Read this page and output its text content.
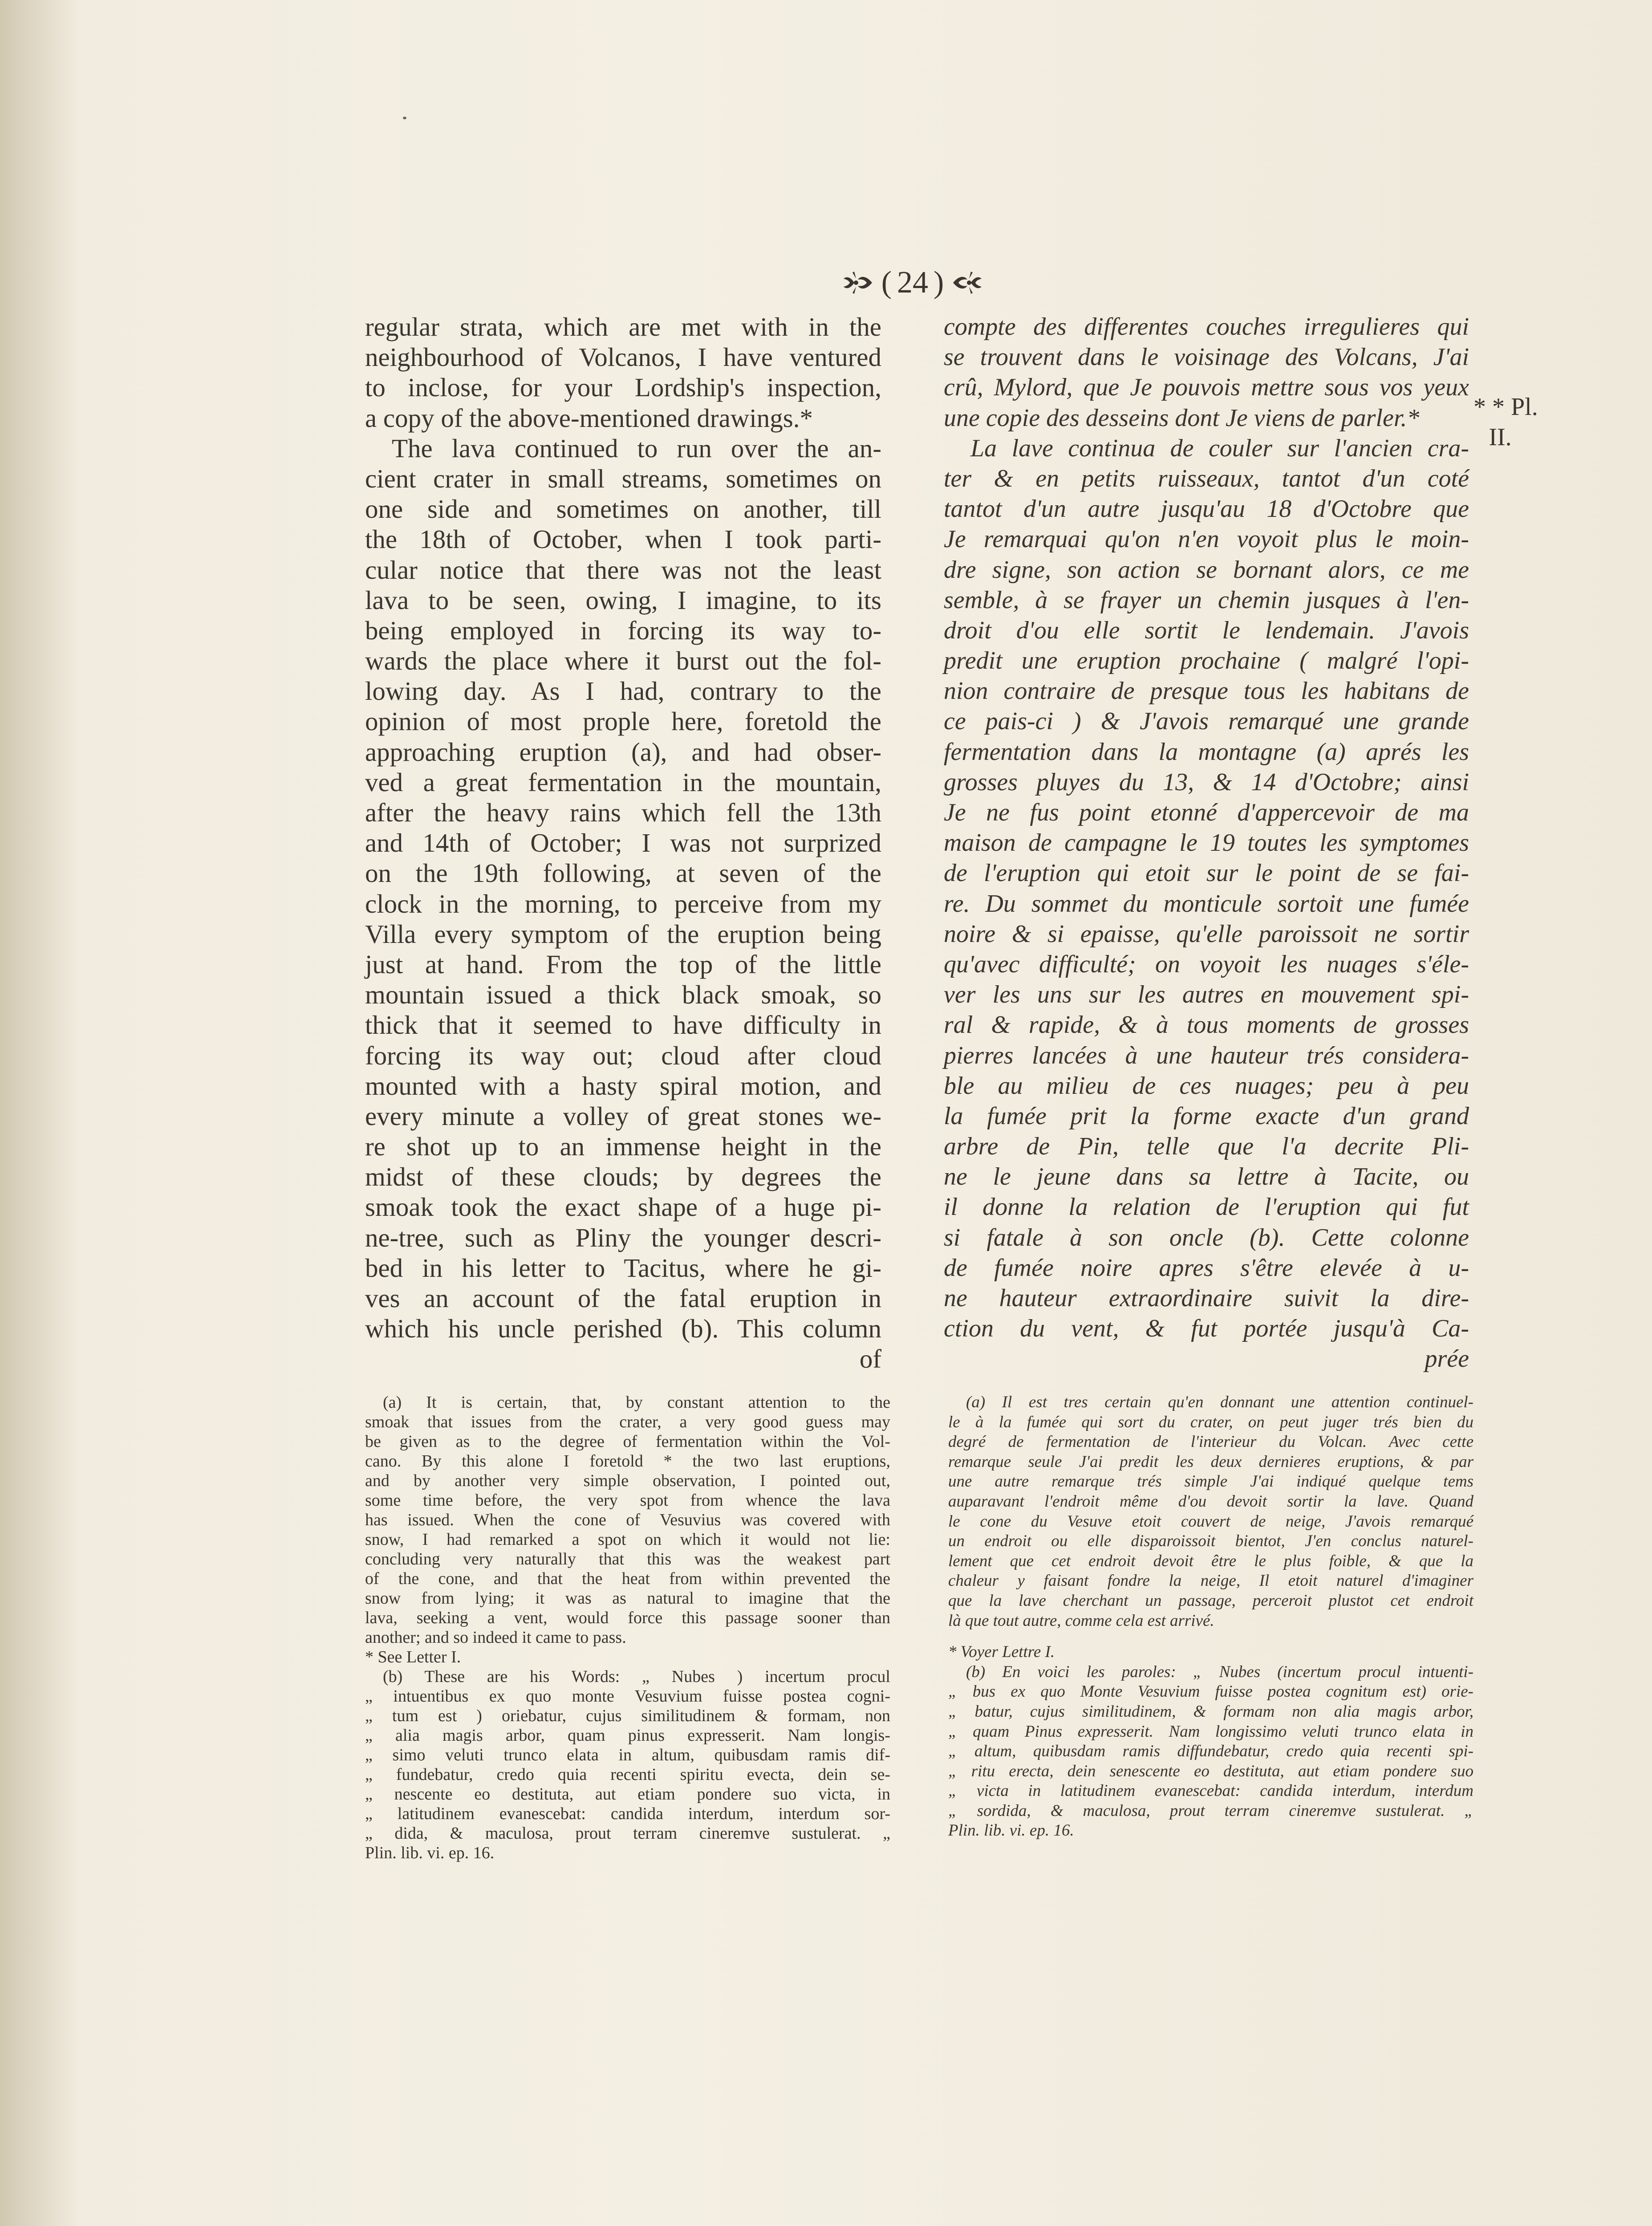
( 24 )
regular strata, which are met with in the
neighbourhood of Volcanos, I have ventured
to inclose, for your Lordship's inspection,
a copy of the above-mentioned drawings.*
The lava continued to run over the an-
cient crater in small streams, sometimes on
one side and sometimes on another, till
the 18th of October, when I took parti-
cular notice that there was not the least
lava to be seen, owing, I imagine, to its
being employed in forcing its way to-
wards the place where it burst out the fol-
lowing day. As I had, contrary to the
opinion of most prople here, foretold the
approaching eruption (a), and had obser-
ved a great fermentation in the mountain,
after the heavy rains which fell the 13th
and 14th of October; I was not surprized
on the 19th following, at seven of the
clock in the morning, to perceive from my
Villa every symptom of the eruption being
just at hand. From the top of the little
mountain issued a thick black smoak, so
thick that it seemed to have difficulty in
forcing its way out; cloud after cloud
mounted with a hasty spiral motion, and
every minute a volley of great stones we-
re shot up to an immense height in the
midst of these clouds; by degrees the
smoak took the exact shape of a huge pi-
ne-tree, such as Pliny the younger descri-
bed in his letter to Tacitus, where he gi-
ves an account of the fatal eruption in
which his uncle perished (b). This column
of
compte des differentes couches irregulieres qui
se trouvent dans le voisinage des Volcans, J'ai
crû, Mylord, que Je pouvois mettre sous vos yeux
une copie des desseins dont Je viens de parler.*
La lave continua de couler sur l'ancien cra-
ter & en petits ruisseaux, tantot d'un coté
tantot d'un autre jusqu'au 18 d'Octobre que
Je remarquai qu'on n'en voyoit plus le moin-
dre signe, son action se bornant alors, ce me
semble, à se frayer un chemin jusques à l'en-
droit d'ou elle sortit le lendemain. J'avois
predit une eruption prochaine ( malgré l'opi-
nion contraire de presque tous les habitans de
ce pais-ci ) & J'avois remarqué une grande
fermentation dans la montagne (a) aprés les
grosses pluyes du 13, & 14 d'Octobre; ainsi
Je ne fus point etonné d'appercevoir de ma
maison de campagne le 19 toutes les symptomes
de l'eruption qui etoit sur le point de se fai-
re. Du sommet du monticule sortoit une fumée
noire & si epaisse, qu'elle paroissoit ne sortir
qu'avec difficulté; on voyoit les nuages s'éle-
ver les uns sur les autres en mouvement spi-
ral & rapide, & à tous moments de grosses
pierres lancées à une hauteur trés considera-
ble au milieu de ces nuages; peu à peu
la fumée prit la forme exacte d'un grand
arbre de Pin, telle que l'a decrite Pli-
ne le jeune dans sa lettre à Tacite, ou
il donne la relation de l'eruption qui fut
si fatale à son oncle (b). Cette colonne
de fumée noire apres s'être elevée à u-
ne hauteur extraordinaire suivit la dire-
ction du vent, & fut portée jusqu'à Ca-
prée
* * Pl.
II.
(a) It is certain, that, by constant attention to the
smoak that issues from the crater, a very good guess may
be given as to the degree of fermentation within the Vol-
cano. By this alone I foretold * the two last eruptions,
and by another very simple observation, I pointed out,
some time before, the very spot from whence the lava
has issued. When the cone of Vesuvius was covered with
snow, I had remarked a spot on which it would not lie:
concluding very naturally that this was the weakest part
of the cone, and that the heat from within prevented the
snow from lying; it was as natural to imagine that the
lava, seeking a vent, would force this passage sooner than
another; and so indeed it came to pass.
* See Letter I.
(b) These are his Words: „ Nubes ) incertum procul
„ intuentibus ex quo monte Vesuvium fuisse postea cogni-
„ tum est ) oriebatur, cujus similitudinem & formam, non
„ alia magis arbor, quam pinus expresserit. Nam longis-
„ simo veluti trunco elata in altum, quibusdam ramis dif-
„ fundebatur, credo quia recenti spiritu evecta, dein se-
„ nescente eo destituta, aut etiam pondere suo victa, in
„ latitudinem evanescebat: candida interdum, interdum sor-
„ dida, & maculosa, prout terram cineremve sustulerat. „
Plin. lib. vi. ep. 16.
(a) Il est tres certain qu'en donnant une attention continuel-
le à la fumée qui sort du crater, on peut juger trés bien du
degré de fermentation de l'interieur du Volcan. Avec cette
remarque seule J'ai predit les deux dernieres eruptions, & par
une autre remarque trés simple J'ai indiqué quelque tems
auparavant l'endroit même d'ou devoit sortir la lave. Quand
le cone du Vesuve etoit couvert de neige, J'avois remarqué
un endroit ou elle disparoissoit bientot, J'en conclus naturel-
lement que cet endroit devoit être le plus foible, & que la
chaleur y faisant fondre la neige, Il etoit naturel d'imaginer
que la lave cherchant un passage, perceroit plustot cet endroit
là que tout autre, comme cela est arrivé.
* Voyer Lettre I.
(b) En voici les paroles: „ Nubes (incertum procul intuenti-
„ bus ex quo Monte Vesuvium fuisse postea cognitum est) orie-
„ batur, cujus similitudinem, & formam non alia magis arbor,
„ quam Pinus expresserit. Nam longissimo veluti trunco elata in
„ altum, quibusdam ramis diffundebatur, credo quia recenti spi-
„ ritu erecta, dein senescente eo destituta, aut etiam pondere suo
„ victa in latitudinem evanescebat: candida interdum, interdum
„ sordida, & maculosa, prout terram cineremve sustulerat. „
Plin. lib. vi. ep. 16.
